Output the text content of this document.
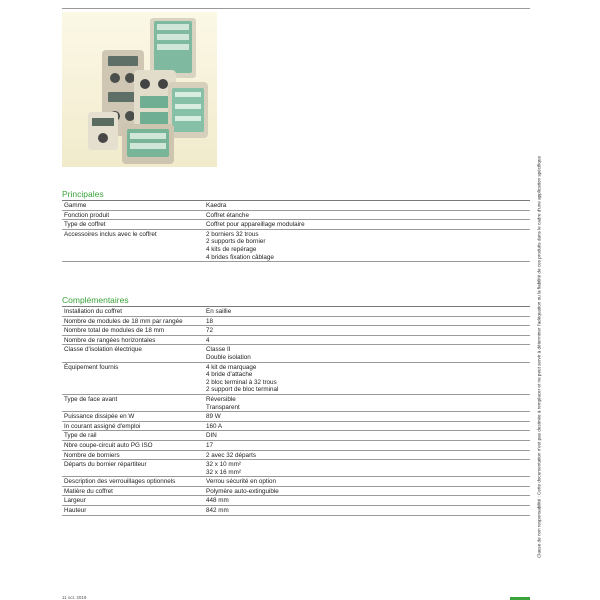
Principales
Gamme	Kaedra
Fonction produit	Coffret étanche
Type de coffret	Coffret pour appareillage modulaire
Accessoires inclus avec le coffret	2 borniers 32 trous
2 supports de bornier
4 kits de repérage
4 brides fixation câblage
Complémentaires
Installation du coffret	En saillie
Nombre de modules de 18 mm par rangée	18
Nombre total de modules de 18 mm	72
Nombre de rangées horizontales	4
Classe d'isolation électrique	Classe II
Double isolation
Équipement fournis	4 kit de marquage
4 bride d'attache
2 bloc terminal à 32 trous
2 support de bloc terminal
Type de face avant	Réversible
Transparent
Puissance dissipée en W	89 W
In courant assigné d'emploi	160 A
Type de rail	DIN
Nbre coupe-circuit auto PG ISO	17
Nombre de borniers	2 avec 32 départs
Départs du bornier répartiteur	32 x 10 mm²
32 x 16 mm²
Description des verrouillages optionnels	Verrou sécurité en option
Matière du coffret	Polymère auto-extinguible
Largeur	448 mm
Hauteur	842 mm	Clause de non responsabilité : Cette documentation n'est pas destinée à remplacer et ne peut servir à déterminer l'adéquation ou la fiabilité de ces produits dans le cadre d'une application spécifique
11 oct. 2019
